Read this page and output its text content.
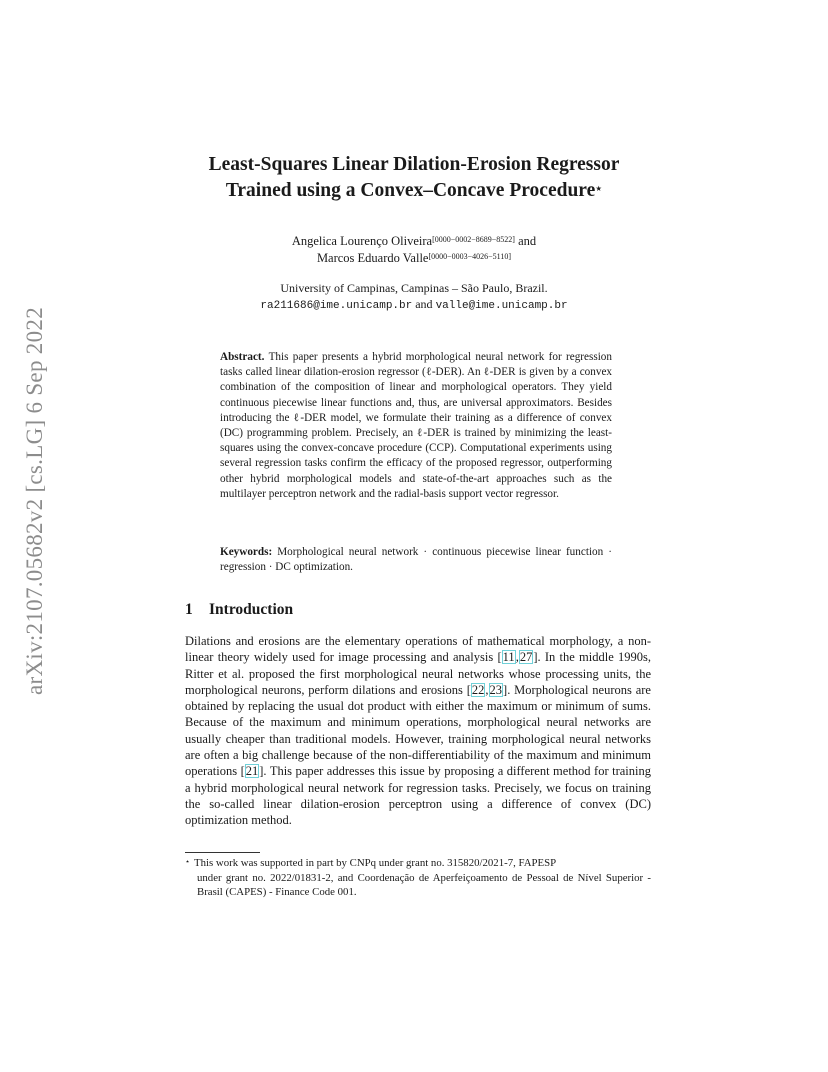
arXiv:2107.05682v2 [cs.LG] 6 Sep 2022
Least-Squares Linear Dilation-Erosion Regressor
Trained using a Convex–Concave Procedure⋆
Angelica Lourenço Oliveira[0000−0002−8689−8522] and
Marcos Eduardo Valle[0000−0003−4026−5110]
University of Campinas, Campinas – São Paulo, Brazil.
ra211686@ime.unicamp.br and valle@ime.unicamp.br
Abstract. This paper presents a hybrid morphological neural network for regression tasks called linear dilation-erosion regressor (ℓ-DER). An ℓ-DER is given by a convex combination of the composition of linear and morphological operators. They yield continuous piecewise linear functions and, thus, are universal approximators. Besides introducing the ℓ-DER model, we formulate their training as a difference of convex (DC) programming problem. Precisely, an ℓ-DER is trained by minimizing the least-squares using the convex-concave procedure (CCP). Computational experiments using several regression tasks confirm the efficacy of the proposed regressor, outperforming other hybrid morphological models and state-of-the-art approaches such as the multilayer perceptron network and the radial-basis support vector regressor.
Keywords: Morphological neural network · continuous piecewise linear function · regression · DC optimization.
1 Introduction
Dilations and erosions are the elementary operations of mathematical morphology, a non-linear theory widely used for image processing and analysis [11,27]. In the middle 1990s, Ritter et al. proposed the first morphological neural networks whose processing units, the morphological neurons, perform dilations and erosions [22,23]. Morphological neurons are obtained by replacing the usual dot product with either the maximum or minimum of sums. Because of the maximum and minimum operations, morphological neural networks are usually cheaper than traditional models. However, training morphological neural networks are often a big challenge because of the non-differentiability of the maximum and minimum operations [21]. This paper addresses this issue by proposing a different method for training a hybrid morphological neural network for regression tasks. Precisely, we focus on training the so-called linear dilation-erosion perceptron using a difference of convex (DC) optimization method.
⋆ This work was supported in part by CNPq under grant no. 315820/2021-7, FAPESP
under grant no. 2022/01831-2, and Coordenação de Aperfeiçoamento de Pessoal de Nível Superior - Brasil (CAPES) - Finance Code 001.
